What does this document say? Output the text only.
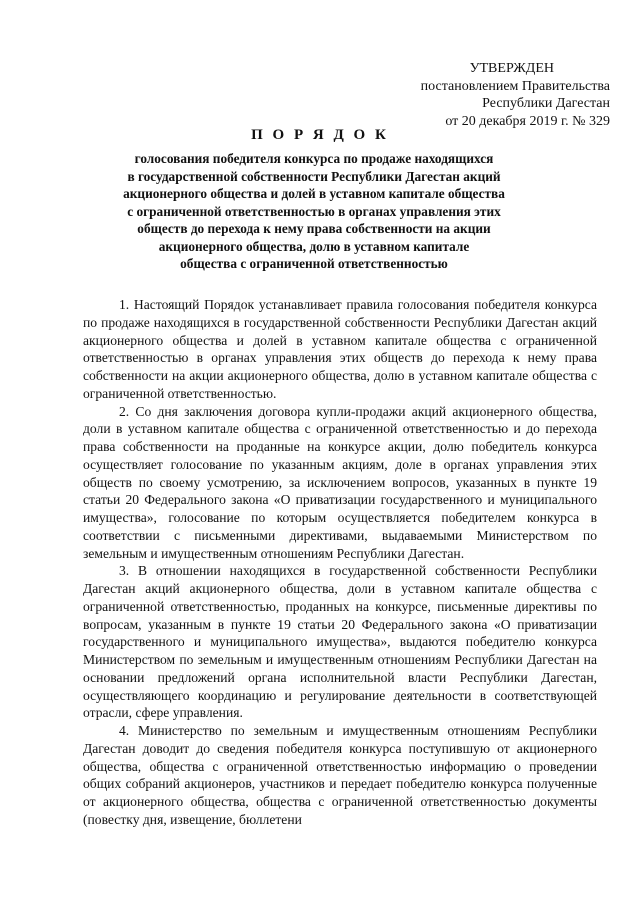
УТВЕРЖДЕН
постановлением Правительства
Республики Дагестан
от 20 декабря 2019 г. № 329
П О Р Я Д О К
голосования победителя конкурса по продаже находящихся
в государственной собственности Республики Дагестан акций
акционерного общества и долей в уставном капитале общества
с ограниченной ответственностью в органах управления этих
обществ до перехода к нему права собственности на акции
акционерного общества, долю в уставном капитале
общества с ограниченной ответственностью

1. Настоящий Порядок устанавливает правила голосования победителя конкурса по продаже находящихся в государственной собственности Республики Дагестан акций акционерного общества и долей в уставном капитале общества с ограниченной ответственностью в органах управления этих обществ до перехода к нему права собственности на акции акционерного общества, долю в уставном капитале общества с ограниченной ответственностью.

2. Со дня заключения договора купли-продажи акций акционерного общества, доли в уставном капитале общества с ограниченной ответственностью и до перехода права собственности на проданные на конкурсе акции, долю победитель конкурса осуществляет голосование по указанным акциям, доле в органах управления этих обществ по своему усмотрению, за исключением вопросов, указанных в пункте 19 статьи 20 Федерального закона «О приватизации государственного и муниципального имущества», голосование по которым осуществляется победителем конкурса в соответствии с письменными директивами, выдаваемыми Министерством по земельным и имущественным отношениям Республики Дагестан.

3. В отношении находящихся в государственной собственности Республики Дагестан акций акционерного общества, доли в уставном капитале общества с ограниченной ответственностью, проданных на конкурсе, письменные директивы по вопросам, указанным в пункте 19 статьи 20 Федерального закона «О приватизации государственного и муниципального имущества», выдаются победителю конкурса Министерством по земельным и имущественным отношениям Республики Дагестан на основании предложений органа исполнительной власти Республики Дагестан, осуществляющего координацию и регулирование деятельности в соответствующей отрасли, сфере управления.

4. Министерство по земельным и имущественным отношениям Республики Дагестан доводит до сведения победителя конкурса поступившую от акционерного общества, общества с ограниченной ответственностью информацию о проведении общих собраний акционеров, участников и передает победителю конкурса полученные от акционерного общества, общества с ограниченной ответственностью документы (повестку дня, извещение, бюллетени
